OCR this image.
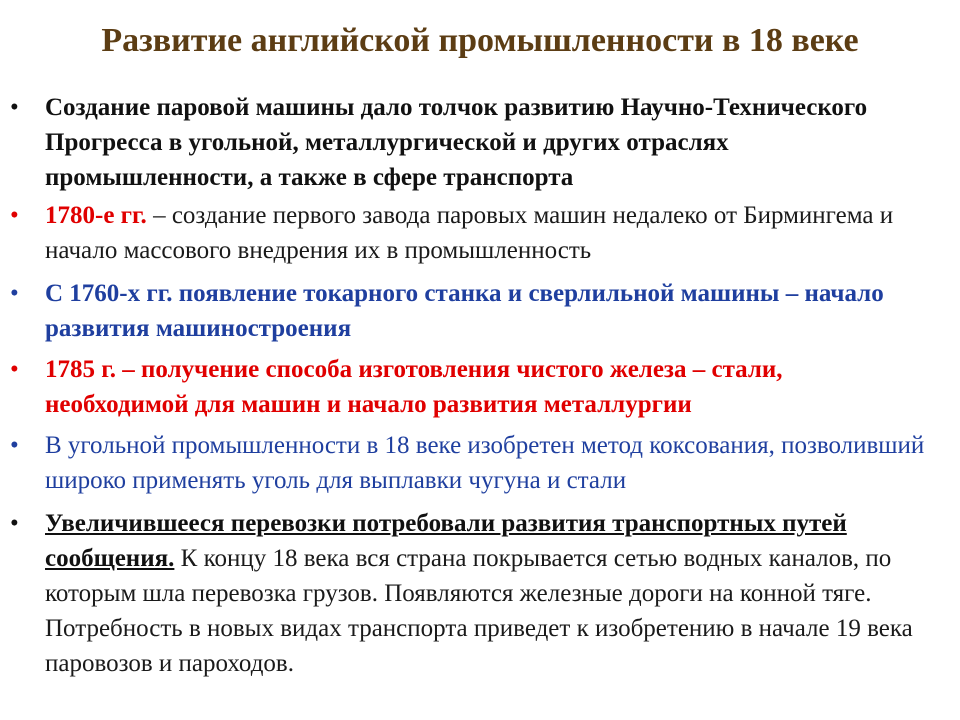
Развитие английской промышленности в 18 веке
• Создание паровой машины дало толчок развитию Научно-Технического Прогресса в угольной, металлургической и других отраслях промышленности, а также в сфере транспорта

• 1780-е гг. – создание первого завода паровых машин недалеко от Бирмингема и начало массового внедрения их в промышленность

• С 1760-х гг. появление токарного станка и сверлильной машины – начало развития машиностроения

• 1785 г. – получение способа изготовления чистого железа – стали, необходимой для машин и начало развития металлургии

• В угольной промышленности в 18 веке изобретен метод коксования, позволивший широко применять уголь для выплавки чугуна и стали

• Увеличившееся перевозки потребовали развития транспортных путей сообщения. К концу 18 века вся страна покрывается сетью водных каналов, по которым шла перевозка грузов. Появляются железные дороги на конной тяге. Потребность в новых видах транспорта приведет к изобретению в начале 19 века паровозов и пароходов.
